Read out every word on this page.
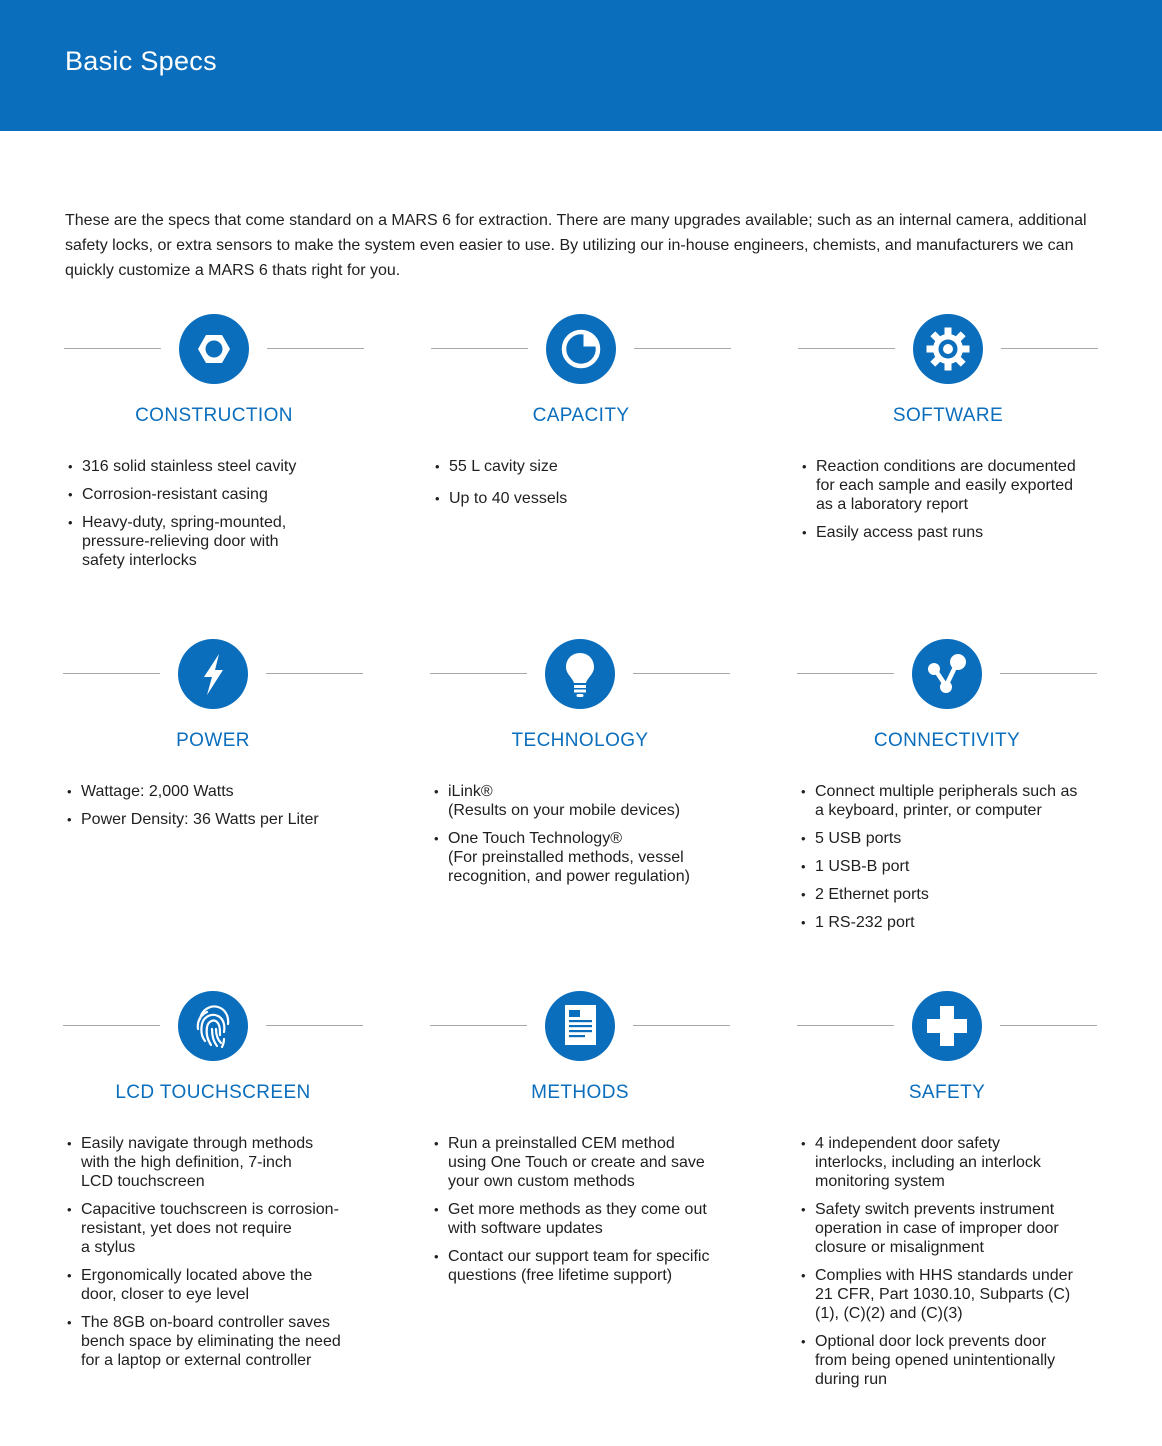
Basic Specs

These are the specs that come standard on a MARS 6 for extraction. There are many upgrades available; such as an internal camera, additional safety locks, or extra sensors to make the system even easier to use. By utilizing our in-house engineers, chemists, and manufacturers we can quickly customize a MARS 6 thats right for you.

CONSTRUCTION
• 316 solid stainless steel cavity
• Corrosion-resistant casing
• Heavy-duty, spring-mounted,
pressure-relieving door with
safety interlocks
CAPACITY
• 55 L cavity size
• Up to 40 vessels
SOFTWARE
• Reaction conditions are documented
for each sample and easily exported
as a laboratory report
• Easily access past runs
POWER
• Wattage: 2,000 Watts
• Power Density: 36 Watts per Liter
TECHNOLOGY
• iLink®
(Results on your mobile devices)
• One Touch Technology®
(For preinstalled methods, vessel
recognition, and power regulation)
CONNECTIVITY
• Connect multiple peripherals such as
a keyboard, printer, or computer
• 5 USB ports
• 1 USB-B port
• 2 Ethernet ports
• 1 RS-232 port
LCD TOUCHSCREEN
• Easily navigate through methods
with the high definition, 7-inch
LCD touchscreen
• Capacitive touchscreen is corrosion-
resistant, yet does not require
a stylus
• Ergonomically located above the
door, closer to eye level
• The 8GB on-board controller saves
bench space by eliminating the need
for a laptop or external controller
METHODS
• Run a preinstalled CEM method
using One Touch or create and save
your own custom methods
• Get more methods as they come out
with software updates
• Contact our support team for specific
questions (free lifetime support)
SAFETY
• 4 independent door safety
interlocks, including an interlock
monitoring system
• Safety switch prevents instrument
operation in case of improper door
closure or misalignment
• Complies with HHS standards under
21 CFR, Part 1030.10, Subparts (C)
(1), (C)(2) and (C)(3)
• Optional door lock prevents door
from being opened unintentionally
during run
